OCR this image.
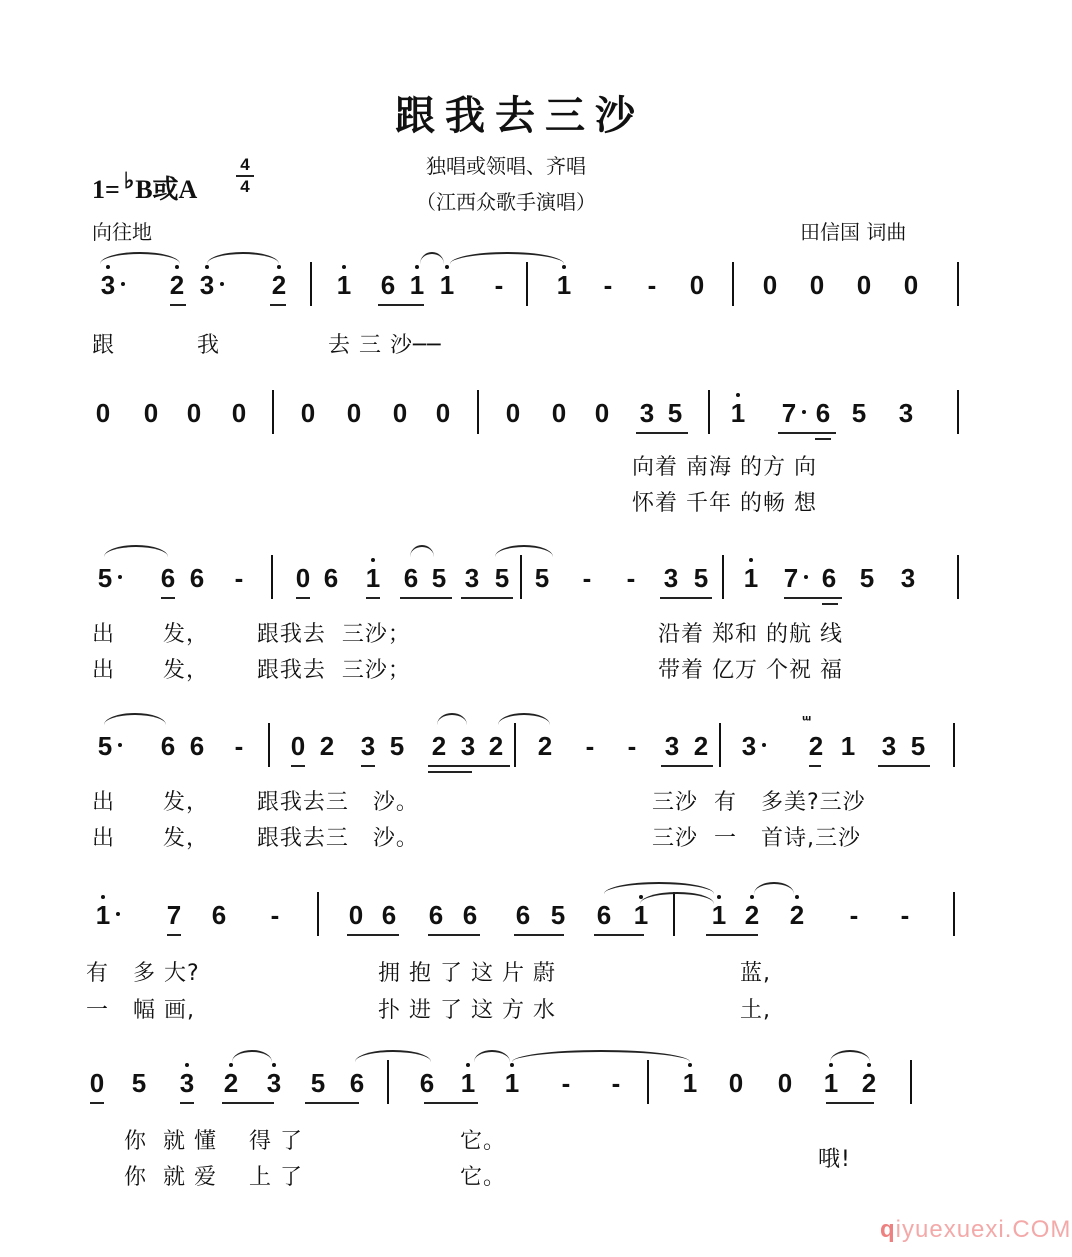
跟我去三沙
独唱或领唱、齐唱
（江西众歌手演唱）
1= ♭B或A
4
4
向往地	田信国 词曲
3 2 3 2 1 6 1 1 - 1 - - 0 0 0 0 0
跟	我	去 三 沙──
0 0 0 0 0 0 0 0 0 0 0 3 5 1 7 6 5 3
向着 南海 的方 向
怀着 千年 的畅 想
5 6 6 - 0 6 1 6 5 3 5 5 - - 3 5 1 7 6 5 3
出      发，      跟我去  三沙；
出      发，      跟我去  三沙；
沿着 郑和 的航 线
带着 亿万 个祝 福
5 6 6 - 0 2 3 5 2 3 2 2 - - 3 2 3 2 1 3 5
ᵚ
出      发，      跟我去三   沙。
出      发，      跟我去三   沙。
三沙  有   多美?三沙
三沙  一   首诗,三沙
1 7 6 -	0 6 6 6 6 5 6 1 1 2 2 - -
有   多 大?
一   幅 画,
拥 抱 了 这 片 蔚
扑 进 了 这 方 水
蓝,
土,
0 5 3 2 3 5 6 6 1 1 - - 1 0 0 1 2
你  就 懂    得 了
你  就 爱    上 了
它。
它。
哦!
qiyuexuexi.COM
